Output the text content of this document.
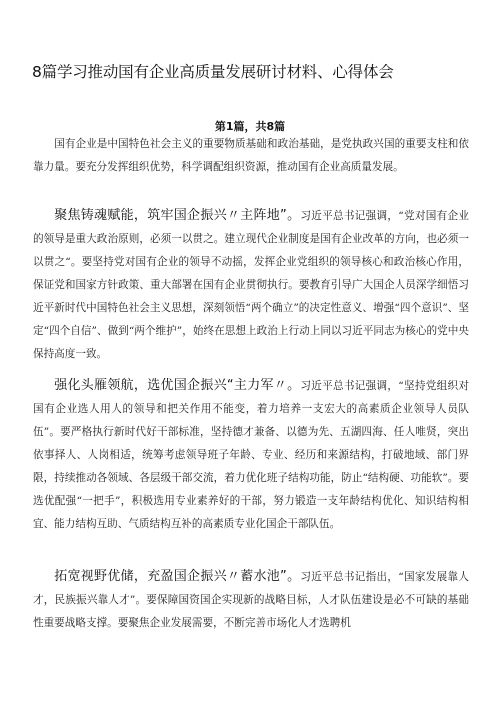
8篇学习推动国有企业高质量发展研讨材料、心得体会
第1篇，共8篇

国有企业是中国特色社会主义的重要物质基础和政治基础，是党执政兴国的重要支柱和依靠力量。要充分发挥组织优势，科学调配组织资源，推动国有企业高质量发展。

聚焦铸魂赋能，筑牢国企振兴〃主阵地”。习近平总书记强调，“党对国有企业的领导是重大政治原则，必须一以贯之。建立现代企业制度是国有企业改革的方向，也必须一以贯之“。要坚持党对国有企业的领导不动摇，发挥企业党组织的领导核心和政治核心作用，保证党和国家方针政策、重大部署在国有企业贯彻执行。要教育引导广大国企人员深学细悟习近平新时代中国特色社会主义思想，深刻领悟“两个确立”的决定性意义、增强“四个意识”、坚定“四个自信”、做到“两个维护”，始终在思想上政治上行动上同以习近平同志为核心的党中央保持高度一致。

强化头雁领航，选优国企振兴“主力军〃。习近平总书记强调，“坚持党组织对国有企业选人用人的领导和把关作用不能变，着力培养一支宏大的高素质企业领导人员队伍”。要严格执行新时代好干部标准，坚持德才兼备、以德为先、五湖四海、任人唯贤，突出依事择人、人岗相适，统筹考虑领导班子年龄、专业、经历和来源结构，打破地域、部门界限，持续推动各领域、各层级干部交流，着力优化班子结构功能，防止“结构硬、功能软”。要选优配强“一把手”，积极选用专业素养好的干部，努力锻造一支年龄结构优化、知识结构相宜、能力结构互助、气质结构互补的高素质专业化国企干部队伍。

拓宽视野优储，充盈国企振兴〃蓄水池”。习近平总书记指出，“国家发展靠人才，民族振兴靠人才”。要保障国资国企实现新的战略目标，人才队伍建设是必不可缺的基础性重要战略支撑。要聚焦企业发展需要，不断完善市场化人才选聘机
